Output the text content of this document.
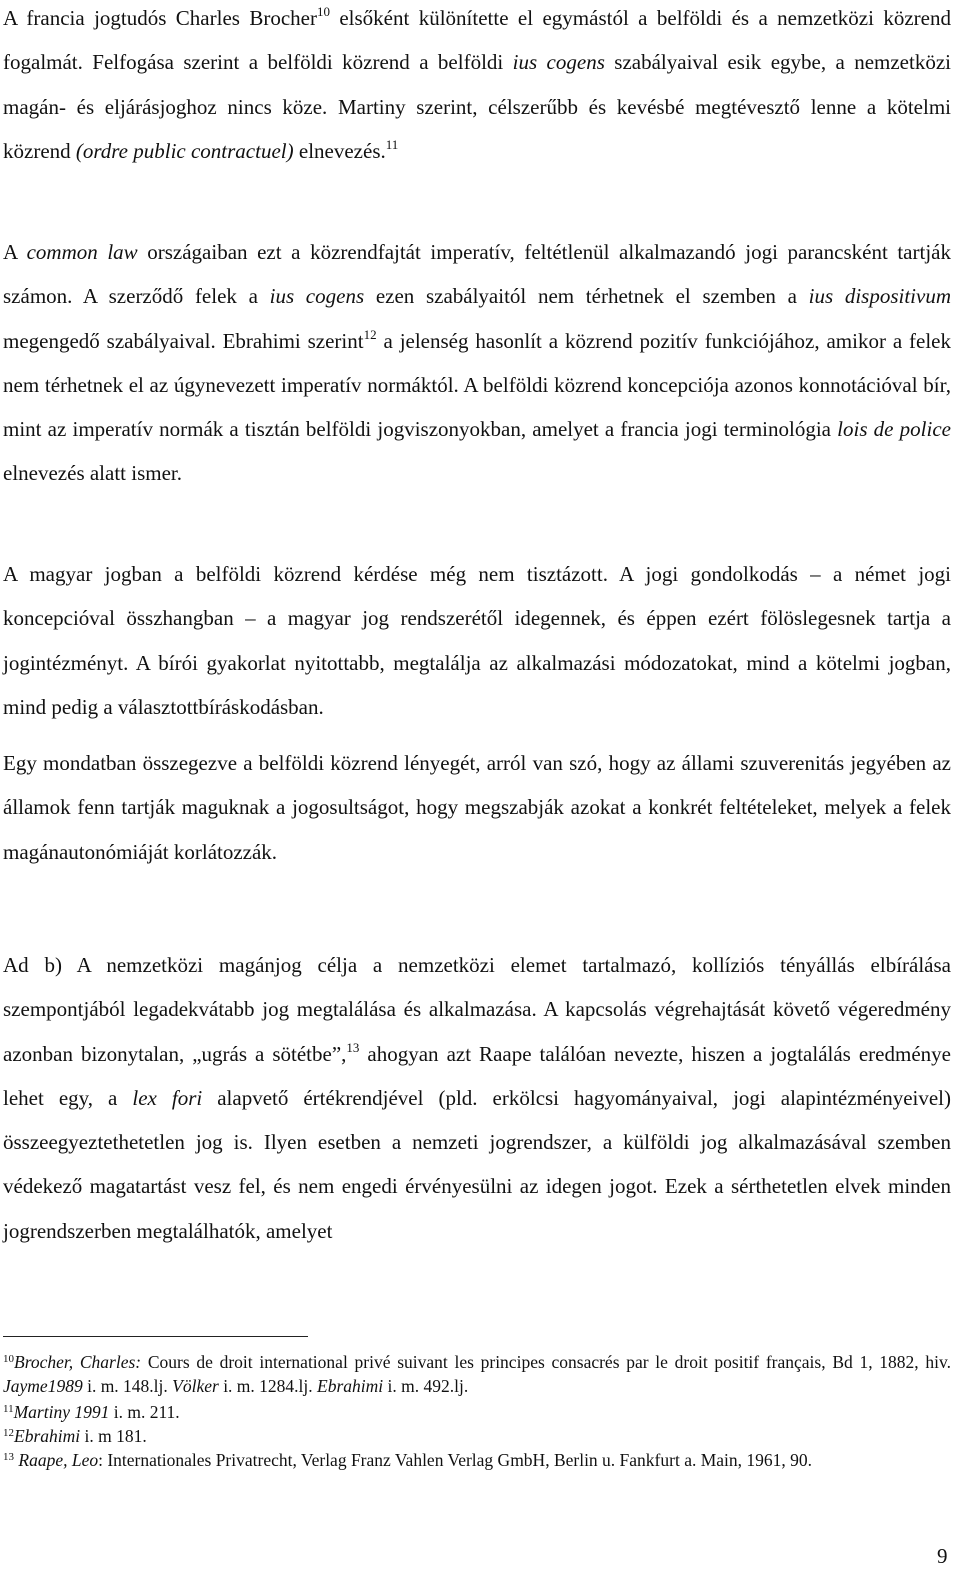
A francia jogtudós Charles Brocher$^{10}$ elsőként különítette el egymástól a belföldi és a nemzetközi közrend fogalmát. Felfogása szerint a belföldi közrend a belföldi ius cogens szabályaival esik egybe, a nemzetközi magán- és eljárásjoghoz nincs köze. Martiny szerint, célszerűbb és kevésbé megtévesztő lenne a kötelmi közrend (ordre public contractuel) elnevezés.$^{11}$

A common law országaiban ezt a közrendfajtát imperatív, feltétlenül alkalmazandó jogi parancsként tartják számon. A szerződő felek a ius cogens ezen szabályaitól nem térhetnek el szemben a ius dispositivum megengedő szabályaival. Ebrahimi szerint$^{12}$ a jelenség hasonlít a közrend pozitív funkciójához, amikor a felek nem térhetnek el az úgynevezett imperatív normáktól. A belföldi közrend koncepciója azonos konnotációval bír, mint az imperatív normák a tisztán belföldi jogviszonyokban, amelyet a francia jogi terminológia lois de police elnevezés alatt ismer.

A magyar jogban a belföldi közrend kérdése még nem tisztázott. A jogi gondolkodás – a német jogi koncepcióval összhangban – a magyar jog rendszerétől idegennek, és éppen ezért fölöslegesnek tartja a jogintézményt. A bírói gyakorlat nyitottabb, megtalálja az alkalmazási módozatokat, mind a kötelmi jogban, mind pedig a választottbíráskodásban.

Egy mondatban összegezve a belföldi közrend lényegét, arról van szó, hogy az állami szuverenitás jegyében az államok fenn tartják maguknak a jogosultságot, hogy megszabják azokat a konkrét feltételeket, melyek a felek magánautonómiáját korlátozzák.

Ad b) A nemzetközi magánjog célja a nemzetközi elemet tartalmazó, kollíziós tényállás elbírálása szempontjából legadekvátabb jog megtalálása és alkalmazása. A kapcsolás végrehajtását követő végeredmény azonban bizonytalan, „ugrás a sötétbe”,$^{13}$ ahogyan azt Raape találóan nevezte, hiszen a jogtalálás eredménye lehet egy, a lex fori alapvető értékrendjével (pld. erkölcsi hagyományaival, jogi alapintézményeivel) összeegyeztethetetlen jog is. Ilyen esetben a nemzeti jogrendszer, a külföldi jog alkalmazásával szemben védekező magatartást vesz fel, és nem engedi érvényesülni az idegen jogot. Ezek a sérthetetlen elvek minden jogrendszerben megtalálhatók, amelyet

$^{10}$Brocher, Charles: Cours de droit international privé suivant les principes consacrés par le droit positif français, Bd 1, 1882, hiv. Jayme1989 i. m. 148.lj. Völker i. m. 1284.lj. Ebrahimi i. m. 492.lj.

$^{11}$Martiny 1991 i. m. 211.

$^{12}$Ebrahimi i. m 181.

$^{13}$ Raape, Leo: Internationales Privatrecht, Verlag Franz Vahlen Verlag GmbH, Berlin u. Fankfurt a. Main, 1961, 90.

9
